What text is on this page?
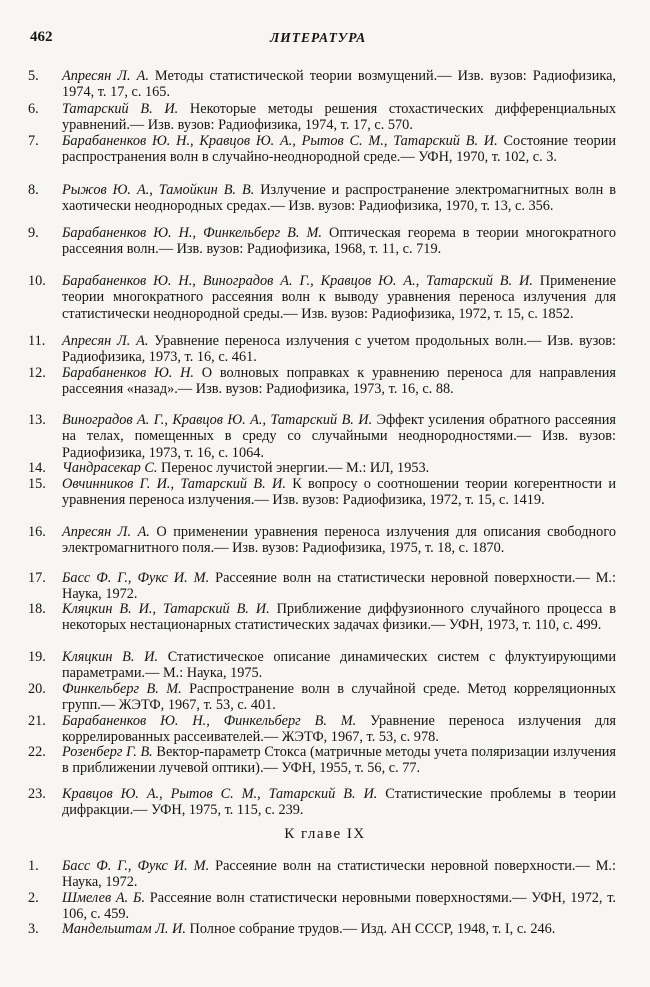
462	ЛИТЕРАТУРА
5.	Апресян Л. А. Методы статистической теории возмущений.— Изв. вузов: Радиофизика, 1974, т. 17, с. 165.
6.	Татарский В. И. Некоторые методы решения стохастических дифференциальных уравнений.— Изв. вузов: Радиофизика, 1974, т. 17, с. 570.
7.	Барабаненков Ю. Н., Кравцов Ю. А., Рытов С. М., Татарский В. И. Состояние теории распространения волн в случайно-неоднородной среде.— УФН, 1970, т. 102, с. 3.
8.	Рыжов Ю. А., Тамойкин В. В. Излучение и распространение электромагнитных волн в хаотически неоднородных средах.— Изв. вузов: Радиофизика, 1970, т. 13, с. 356.
9.	Барабаненков Ю. Н., Финкельберг В. М. Оптическая георема в теории многократного рассеяния волн.— Изв. вузов: Радиофизика, 1968, т. 11, с. 719.
10.	Барабаненков Ю. Н., Виноградов А. Г., Кравцов Ю. А., Татарский В. И. Применение теории многократного рассеяния волн к выводу уравнения переноса излучения для статистически неоднородной среды.— Изв. вузов: Радиофизика, 1972, т. 15, с. 1852.
11.	Апресян Л. А. Уравнение переноса излучения с учетом продольных волн.— Изв. вузов: Радиофизика, 1973, т. 16, с. 461.
12.	Барабаненков Ю. Н. О волновых поправках к уравнению переноса для направления рассеяния «назад».— Изв. вузов: Радиофизика, 1973, т. 16, с. 88.
13.	Виноградов А. Г., Кравцов Ю. А., Татарский В. И. Эффект усиления обратного рассеяния на телах, помещенных в среду со случайными неоднородностями.— Изв. вузов: Радиофизика, 1973, т. 16, с. 1064.
14.	Чандрасекар С. Перенос лучистой энергии.— М.: ИЛ, 1953.
15.	Овчинников Г. И., Татарский В. И. К вопросу о соотношении теории когерентности и уравнения переноса излучения.— Изв. вузов: Радиофизика, 1972, т. 15, с. 1419.
16.	Апресян Л. А. О применении уравнения переноса излучения для описания свободного электромагнитного поля.— Изв. вузов: Радиофизика, 1975, т. 18, с. 1870.
17.	Басс Ф. Г., Фукс И. М. Рассеяние волн на статистически неровной поверхности.— М.: Наука, 1972.
18.	Кляцкин В. И., Татарский В. И. Приближение диффузионного случайного процесса в некоторых нестационарных статистических задачах физики.— УФН, 1973, т. 110, с. 499.
19.	Кляцкин В. И. Статистическое описание динамических систем с флуктуирующими параметрами.— М.: Наука, 1975.
20.	Финкельберг В. М. Распространение волн в случайной среде. Метод корреляционных групп.— ЖЭТФ, 1967, т. 53, с. 401.
21.	Барабаненков Ю. Н., Финкельберг В. М. Уравнение переноса излучения для коррелированных рассеивателей.— ЖЭТФ, 1967, т. 53, с. 978.
22.	Розенберг Г. В. Вектор-параметр Стокса (матричные методы учета поляризации излучения в приближении лучевой оптики).— УФН, 1955, т. 56, с. 77.
23.	Кравцов Ю. А., Рытов С. М., Татарский В. И. Статистические проблемы в теории дифракции.— УФН, 1975, т. 115, с. 239.
К главе IX
1.	Басс Ф. Г., Фукс И. М. Рассеяние волн на статистически неровной поверхности.— М.: Наука, 1972.
2.	Шмелев А. Б. Рассеяние волн статистически неровными поверхностями.— УФН, 1972, т. 106, с. 459.
3.	Мандельштам Л. И. Полное собрание трудов.— Изд. АН СССР, 1948, т. I, с. 246.
